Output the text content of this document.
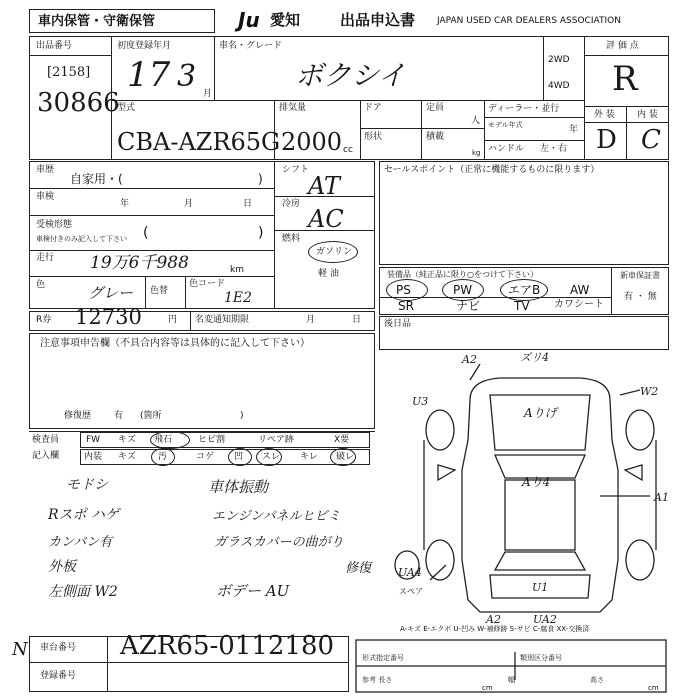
車内保管・守衛保管	Ju 愛知	出品申込書 JAPAN USED CAR DEALERS ASSOCIATION
出品番号
[2158]
30866
初度登録年月
17 3 月
車名・グレード
ボクシイ	2WD
4WD
評 価 点
R
外 装 内 装
D C
型式
CBA-AZR65G
排気量
2000 cc
ドア	定員
人
形状	積載
kg
ディーラー・並行
モデル年式	年
ハンドル 左・右
車歴
自家用・(	)
車検
年	月	日
受検形態
車検付きのみ記入して下さい (	)
走行 19万6千988	km
色	グレー 色替
色コード
1E2
シフト
AT
冷房
AC
燃料
ガソリン
軽 油
セールスポイント（正常に機能するものに限ります）
装備品（純正品に限り○をつけて下さい）
PS	PW	エアB AW
SR	ナビ	TV カワシート
新車保証書
有 ・ 無
R券 12730	円 名変通知期限	月	日	後日品
注意事項申告欄（不具合内容等は具体的に記入して下さい）
修復歴	有 (箇所	)
検査員
記入欄
FW キズ 飛石	ヒビ割	リペア跡	X要
内装 キズ 汚	コゲ 凹 スレ キレ 破レ
モドシ
Rスポ ハゲ
カンバン有
外板
左側面 W2
車体振動
エンジンパネルヒビミ
ガラスカバーの曲がり
修復
ボデー AU
A2	ズリ4
W2
U3
Aりげ
Aり4
A1
U1
UA4
A2	UA2
スペア
A-キズ E-エクボ U-凹み W-補修跡 S-サビ C-腐食 XX-交換済
形式指定番号	類別区分番号
参考 長さ	幅	高さ
cm	cm
車台番号 AZR65-0112180
N
登録番号
